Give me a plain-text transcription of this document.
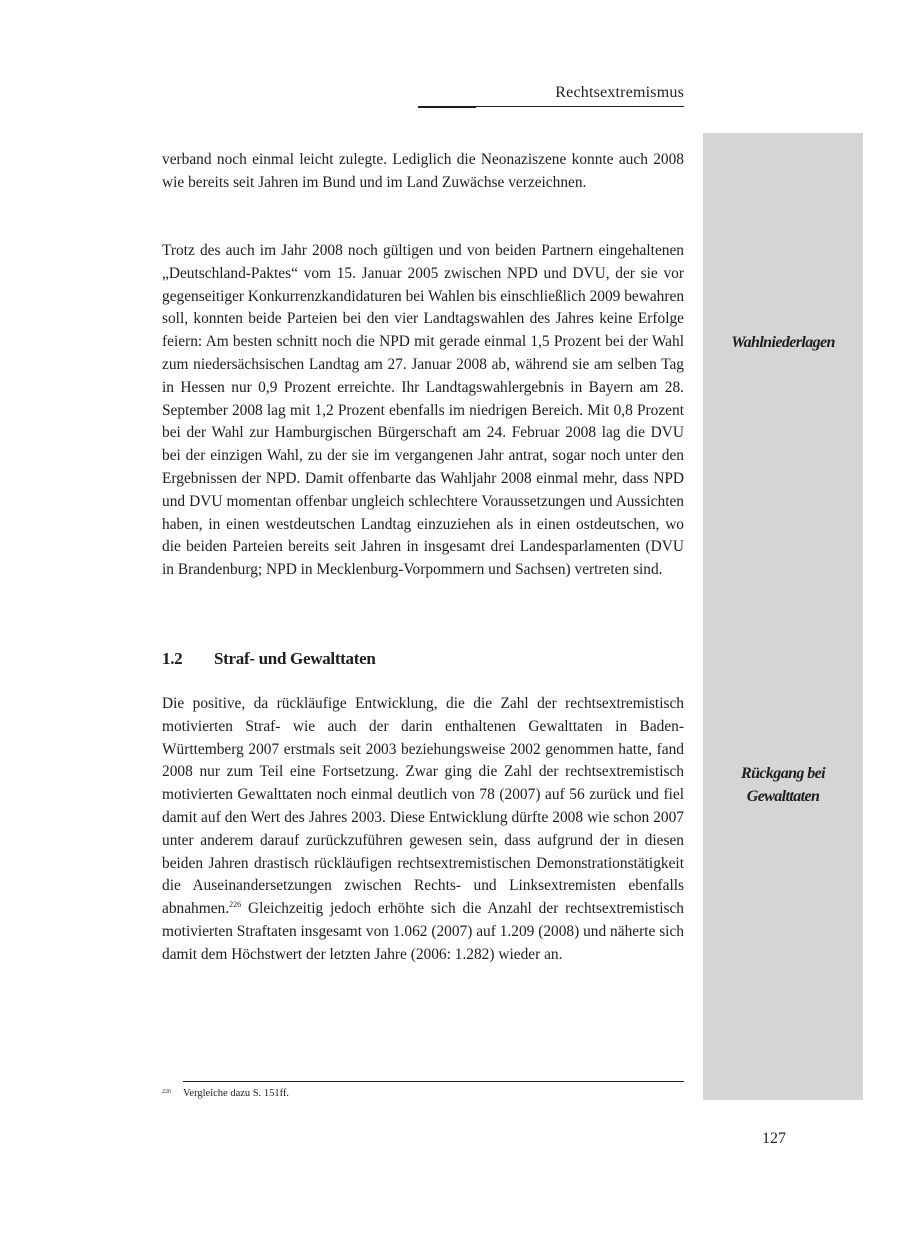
Rechtsextremismus
Wahlniederlagen
Rückgang bei
Gewalttaten
verband noch einmal leicht zulegte. Lediglich die Neonaziszene konnte auch 2008 wie bereits seit Jahren im Bund und im Land Zuwächse verzeichnen.
Trotz des auch im Jahr 2008 noch gültigen und von beiden Partnern eingehaltenen „Deutschland-Paktes“ vom 15. Januar 2005 zwischen NPD und DVU, der sie vor gegenseitiger Konkurrenzkandidaturen bei Wahlen bis einschließlich 2009 bewahren soll, konnten beide Parteien bei den vier Landtagswahlen des Jahres keine Erfolge feiern: Am besten schnitt noch die NPD mit gerade einmal 1,5 Prozent bei der Wahl zum niedersächsischen Landtag am 27. Januar 2008 ab, während sie am selben Tag in Hessen nur 0,9 Prozent erreichte. Ihr Landtagswahlergebnis in Bayern am 28. September 2008 lag mit 1,2 Prozent ebenfalls im niedrigen Bereich. Mit 0,8 Prozent bei der Wahl zur Hamburgischen Bürgerschaft am 24. Februar 2008 lag die DVU bei der einzigen Wahl, zu der sie im vergangenen Jahr antrat, sogar noch unter den Ergebnissen der NPD. Damit offenbarte das Wahljahr 2008 einmal mehr, dass NPD und DVU momentan offenbar ungleich schlechtere Voraussetzungen und Aussichten haben, in einen westdeutschen Landtag einzuziehen als in einen ostdeutschen, wo die beiden Parteien bereits seit Jahren in insgesamt drei Landesparlamenten (DVU in Brandenburg; NPD in Mecklenburg-Vorpommern und Sachsen) vertreten sind.
1.2 Straf- und Gewalttaten
Die positive, da rückläufige Entwicklung, die die Zahl der rechtsextremistisch motivierten Straf- wie auch der darin enthaltenen Gewalttaten in Baden-Württemberg 2007 erstmals seit 2003 beziehungsweise 2002 genommen hatte, fand 2008 nur zum Teil eine Fortsetzung. Zwar ging die Zahl der rechtsextremistisch motivierten Gewalttaten noch einmal deutlich von 78 (2007) auf 56 zurück und fiel damit auf den Wert des Jahres 2003. Diese Entwicklung dürfte 2008 wie schon 2007 unter anderem darauf zurückzuführen gewesen sein, dass aufgrund der in diesen beiden Jahren drastisch rückläufigen rechtsextremistischen Demonstrationstätigkeit die Auseinandersetzungen zwischen Rechts- und Linksextremisten ebenfalls abnahmen.$^{226}$ Gleichzeitig jedoch erhöhte sich die Anzahl der rechtsextremistisch motivierten Straftaten insgesamt von 1.062 (2007) auf 1.209 (2008) und näherte sich damit dem Höchstwert der letzten Jahre (2006: 1.282) wieder an.
226 Vergleiche dazu S. 151ff.
127
